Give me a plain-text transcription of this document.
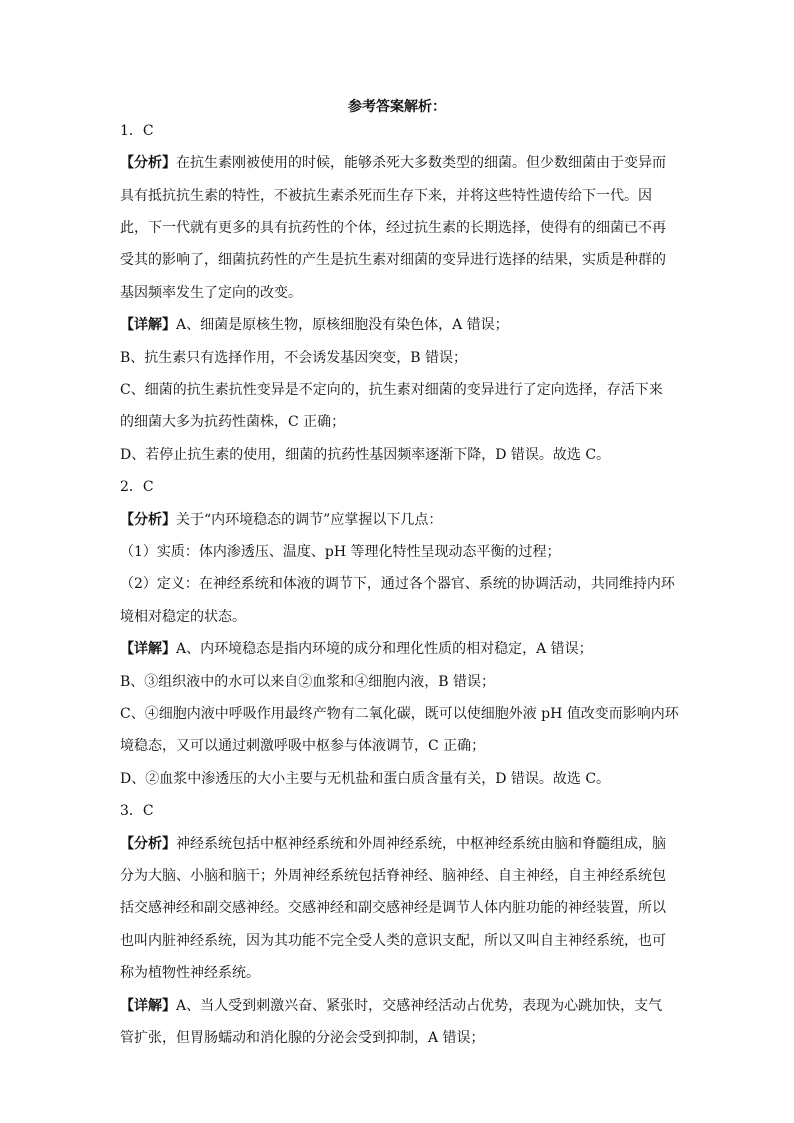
参考答案解析：

1．C

【分析】在抗生素刚被使用的时候，能够杀死大多数类型的细菌。但少数细菌由于变异而
具有抵抗抗生素的特性，不被抗生素杀死而生存下来，并将这些特性遗传给下一代。因
此，下一代就有更多的具有抗药性的个体，经过抗生素的长期选择，使得有的细菌已不再
受其的影响了，细菌抗药性的产生是抗生素对细菌的变异进行选择的结果，实质是种群的
基因频率发生了定向的改变。

【详解】A、细菌是原核生物，原核细胞没有染色体，A 错误；

B、抗生素只有选择作用，不会诱发基因突变，B 错误；

C、细菌的抗生素抗性变异是不定向的，抗生素对细菌的变异进行了定向选择，存活下来
的细菌大多为抗药性菌株，C 正确；

D、若停止抗生素的使用，细菌的抗药性基因频率逐渐下降，D 错误。故选 C。

2．C

【分析】关于“内环境稳态的调节”应掌握以下几点：

（1）实质：体内渗透压、温度、pH 等理化特性呈现动态平衡的过程；

（2）定义：在神经系统和体液的调节下，通过各个器官、系统的协调活动，共同维持内环
境相对稳定的状态。

【详解】A、内环境稳态是指内环境的成分和理化性质的相对稳定，A 错误；

B、③组织液中的水可以来自②血浆和④细胞内液，B 错误；

C、④细胞内液中呼吸作用最终产物有二氧化碳，既可以使细胞外液 pH 值改变而影响内环
境稳态，又可以通过刺激呼吸中枢参与体液调节，C 正确；

D、②血浆中渗透压的大小主要与无机盐和蛋白质含量有关，D 错误。故选 C。

3．C

【分析】神经系统包括中枢神经系统和外周神经系统，中枢神经系统由脑和脊髓组成，脑
分为大脑、小脑和脑干；外周神经系统包括脊神经、脑神经、自主神经，自主神经系统包
括交感神经和副交感神经。交感神经和副交感神经是调节人体内脏功能的神经装置，所以
也叫内脏神经系统，因为其功能不完全受人类的意识支配，所以又叫自主神经系统，也可
称为植物性神经系统。

【详解】A、当人受到刺激兴奋、紧张时，交感神经活动占优势，表现为心跳加快，支气
管扩张，但胃肠蠕动和消化腺的分泌会受到抑制，A 错误；
